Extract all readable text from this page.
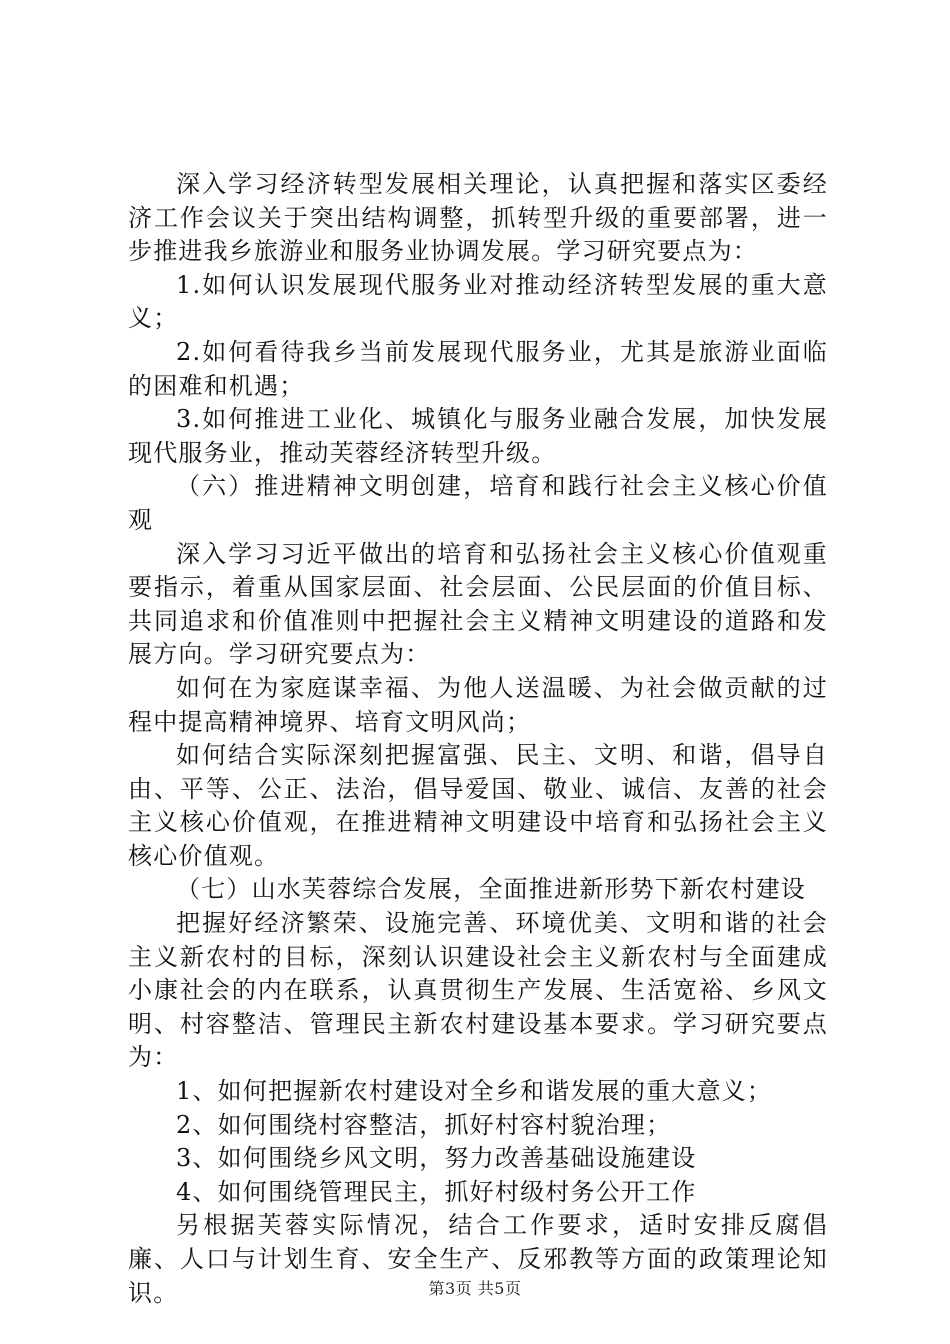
深入学习经济转型发展相关理论，认真把握和落实区委经济工作会议关于突出结构调整，抓转型升级的重要部署，进一步推进我乡旅游业和服务业协调发展。学习研究要点为：

1.如何认识发展现代服务业对推动经济转型发展的重大意义；

2.如何看待我乡当前发展现代服务业，尤其是旅游业面临的困难和机遇；

3.如何推进工业化、城镇化与服务业融合发展，加快发展现代服务业，推动芙蓉经济转型升级。

（六）推进精神文明创建，培育和践行社会主义核心价值观

深入学习习近平做出的培育和弘扬社会主义核心价值观重要指示，着重从国家层面、社会层面、公民层面的价值目标、共同追求和价值准则中把握社会主义精神文明建设的道路和发展方向。学习研究要点为：

如何在为家庭谋幸福、为他人送温暖、为社会做贡献的过程中提高精神境界、培育文明风尚；

如何结合实际深刻把握富强、民主、文明、和谐，倡导自由、平等、公正、法治，倡导爱国、敬业、诚信、友善的社会主义核心价值观，在推进精神文明建设中培育和弘扬社会主义核心价值观。

（七）山水芙蓉综合发展，全面推进新形势下新农村建设

把握好经济繁荣、设施完善、环境优美、文明和谐的社会主义新农村的目标，深刻认识建设社会主义新农村与全面建成小康社会的内在联系，认真贯彻生产发展、生活宽裕、乡风文明、村容整洁、管理民主新农村建设基本要求。学习研究要点为：

1、如何把握新农村建设对全乡和谐发展的重大意义；

2、如何围绕村容整洁，抓好村容村貌治理；

3、如何围绕乡风文明，努力改善基础设施建设

4、如何围绕管理民主，抓好村级村务公开工作

另根据芙蓉实际情况，结合工作要求，适时安排反腐倡廉、人口与计划生育、安全生产、反邪教等方面的政策理论知识。	第3页 共5页
